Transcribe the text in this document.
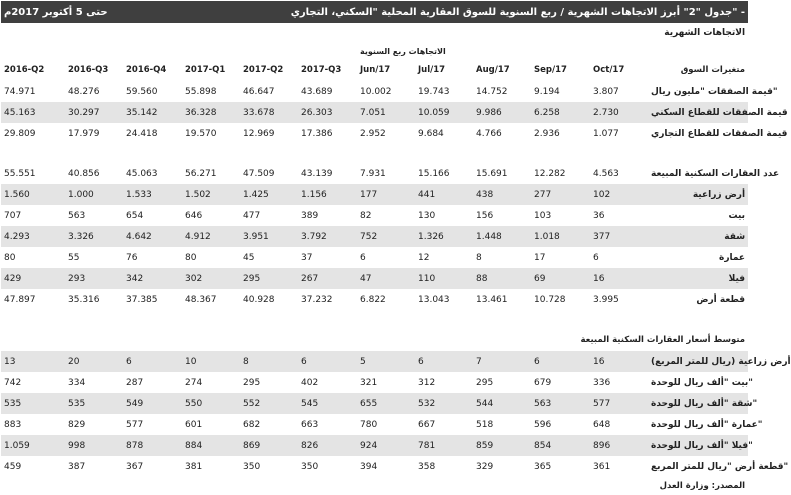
حتى 5 أكتوبر 2017م			جدول "2" أبرز الاتجاهات الشهرية / ربع السنوية للسوق العقارية المحلية "السكني، التجاري" -								
									الاتجاهات الشهرية		
						الاتجاهات ربع السنوية					
2016-Q2	2016-Q3	2016-Q4	2017-Q1	2017-Q2	2017-Q3	Jun/17	Jul/17	Aug/17	Sep/17	Oct/17	متغيرات السوق
74.971	48.276	59.560	55.898	46.647	43.689	10.002	19.743	14.752	9.194	3.807	قيمة الصفقات "مليون ريال"
45.163	30.297	35.142	36.328	33.678	26.303	7.051	10.059	9.986	6.258	2.730	قيمة الصفقات للقطاع السكني
29.809	17.979	24.418	19.570	12.969	17.386	2.952	9.684	4.766	2.936	1.077	قيمة الصفقات للقطاع التجاري

55.551	40.856	45.063	56.271	47.509	43.139	7.931	15.166	15.691	12.282	4.563	عدد العقارات السكنية المبيعة
1.560	1.000	1.533	1.502	1.425	1.156	177	441	438	277	102	أرض زراعية
707	563	654	646	477	389	82	130	156	103	36	بيت
4.293	3.326	4.642	4.912	3.951	3.792	752	1.326	1.448	1.018	377	شقة
80	55	76	80	45	37	6	12	8	17	6	عمارة
429	293	342	302	295	267	47	110	88	69	16	فيلا
47.897	35.316	37.385	48.367	40.928	37.232	6.822	13.043	13.461	10.728	3.995	قطعة أرض

متوسط أسعار العقارات السكنية المبيعة											
13	20	6	10	8	6	5	6	7	6	16	أرض زراعية (ريال للمتر المربع)
742	334	287	274	295	402	321	312	295	679	336	بيت "ألف ريال للوحدة"
535	535	549	550	552	545	655	532	544	563	577	شقة "ألف ريال للوحدة"
883	829	577	601	682	663	780	667	518	596	648	عمارة "ألف ريال للوحدة"
1.059	998	878	884	869	826	924	781	859	854	896	فيلا "ألف ريال للوحدة"
459	387	367	381	350	350	394	358	329	365	361	قطعة أرض "ريال للمتر المربع"
المصدر: وزارة العدل											
